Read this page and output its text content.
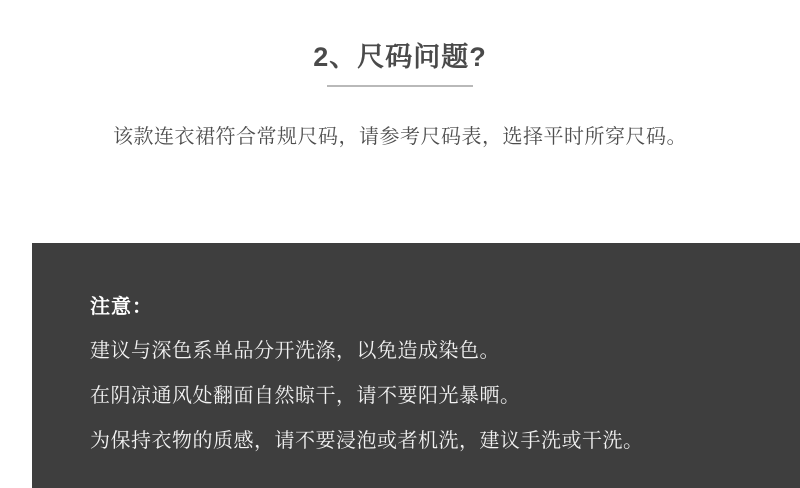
2、尺码问题?
该款连衣裙符合常规尺码，请参考尺码表，选择平时所穿尺码。
注意：
建议与深色系单品分开洗涤，以免造成染色。
在阴凉通风处翻面自然晾干，请不要阳光暴晒。
为保持衣物的质感，请不要浸泡或者机洗，建议手洗或干洗。
